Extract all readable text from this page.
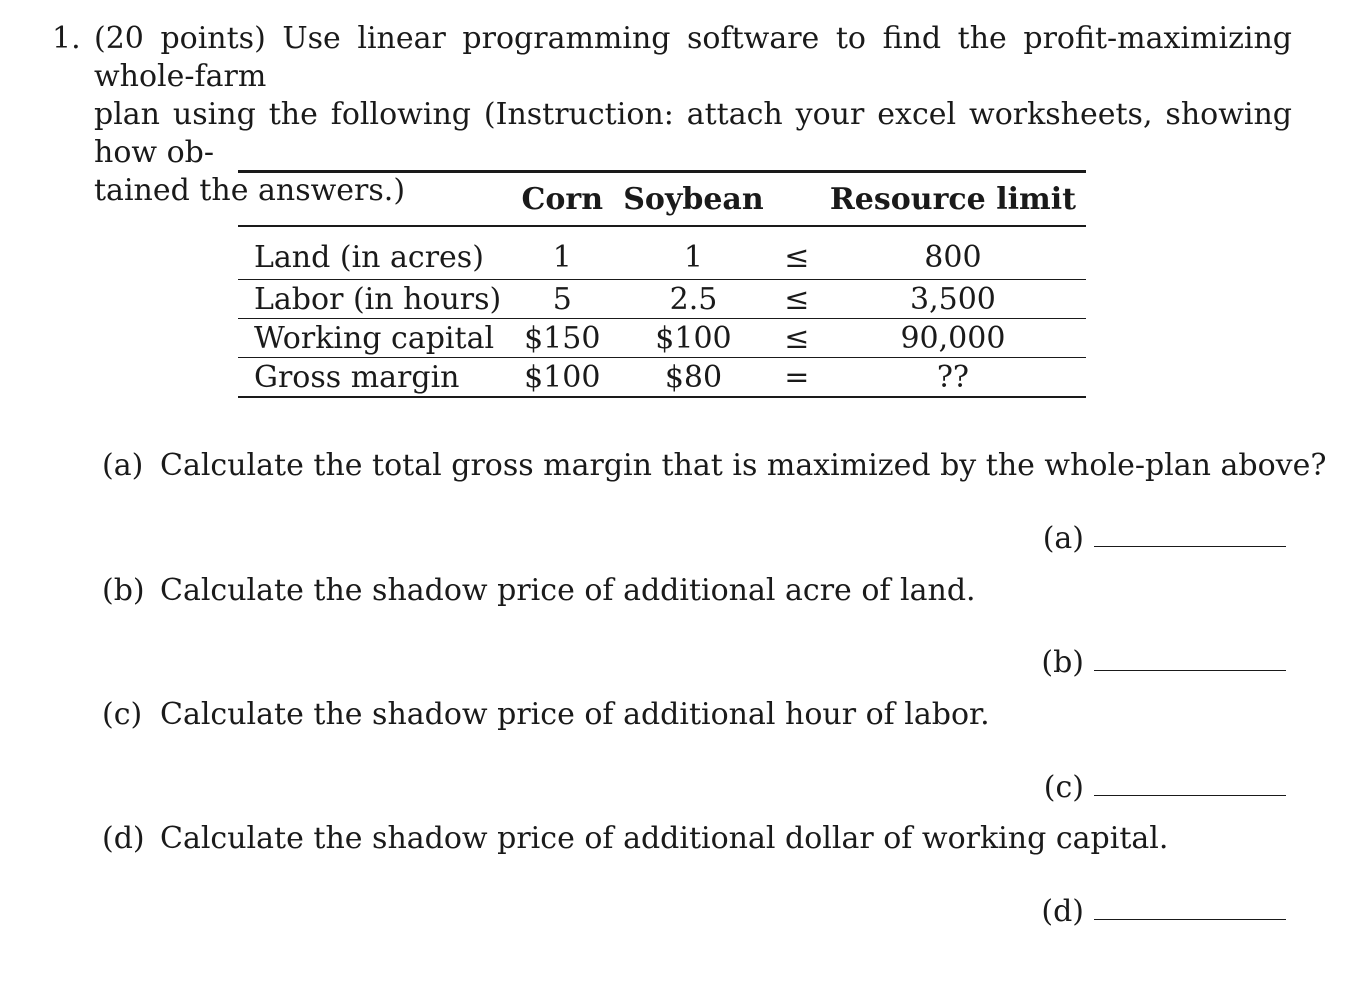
1. (20 points) Use linear programming software to find the profit-maximizing whole-farm
plan using the following (Instruction: attach your excel worksheets, showing how ob-
tained the answers.)
		Corn	Soybean		Resource limit
Land (in acres)	1	1	≤	800
Labor (in hours)	5	2.5	≤	3,500
Working capital	$150	$100	≤	90,000
Gross margin	$100	$80	=	??
(a) Calculate the total gross margin that is maximized by the whole-plan above?
(a)
(b) Calculate the shadow price of additional acre of land.
(b)
(c) Calculate the shadow price of additional hour of labor.
(c)
(d) Calculate the shadow price of additional dollar of working capital.
(d)
